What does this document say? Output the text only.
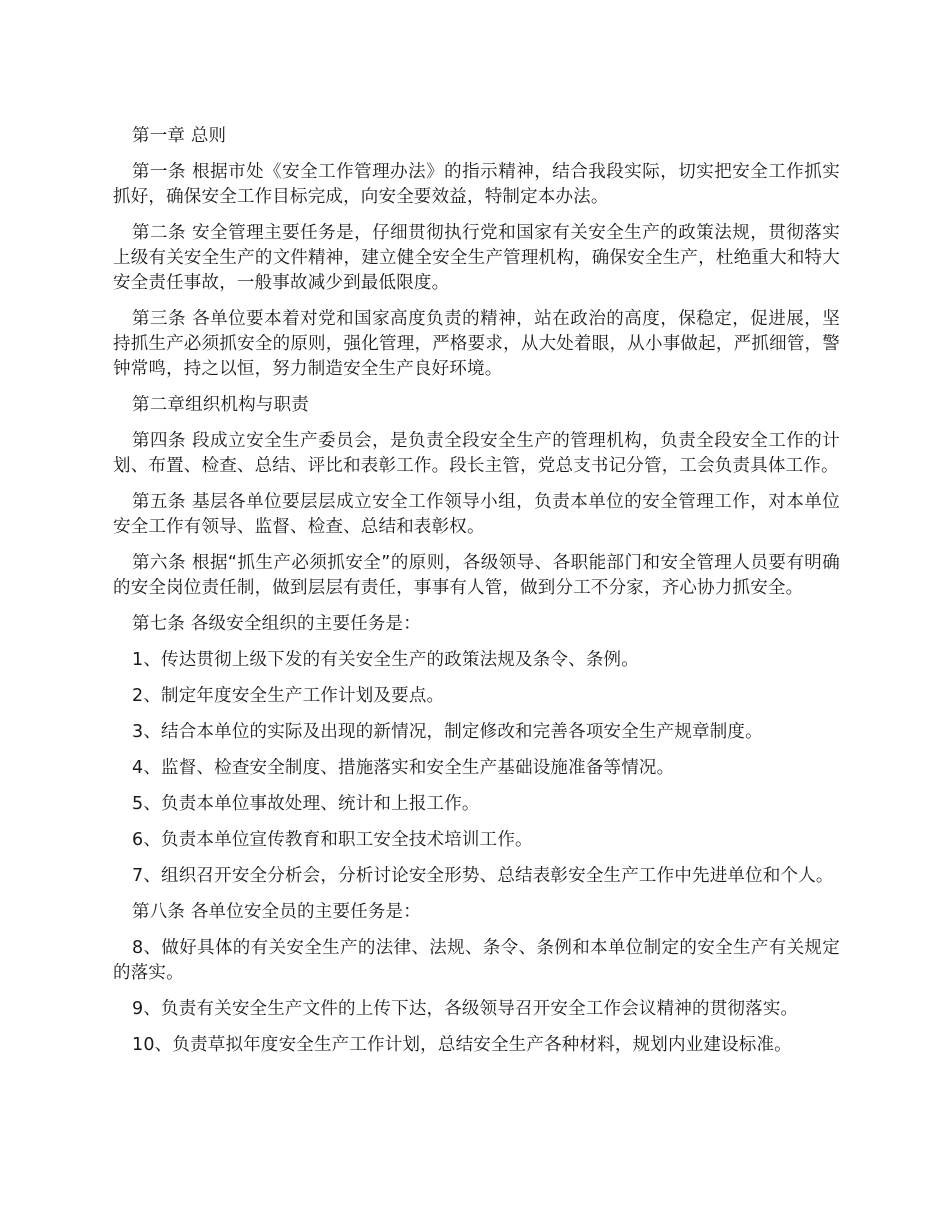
第一章 总则

第一条 根据市处《安全工作管理办法》的指示精神，结合我段实际，切实把安全工作抓实抓好，确保安全工作目标完成，向安全要效益，特制定本办法。

第二条 安全管理主要任务是，仔细贯彻执行党和国家有关安全生产的政策法规，贯彻落实上级有关安全生产的文件精神，建立健全安全生产管理机构，确保安全生产，杜绝重大和特大安全责任事故，一般事故减少到最低限度。

第三条 各单位要本着对党和国家高度负责的精神，站在政治的高度，保稳定，促进展，坚持抓生产必须抓安全的原则，强化管理，严格要求，从大处着眼，从小事做起，严抓细管，警钟常鸣，持之以恒，努力制造安全生产良好环境。

第二章组织机构与职责

第四条 段成立安全生产委员会，是负责全段安全生产的管理机构，负责全段安全工作的计划、布置、检查、总结、评比和表彰工作。段长主管，党总支书记分管，工会负责具体工作。

第五条 基层各单位要层层成立安全工作领导小组，负责本单位的安全管理工作，对本单位安全工作有领导、监督、检查、总结和表彰权。

第六条 根据“抓生产必须抓安全”的原则，各级领导、各职能部门和安全管理人员要有明确的安全岗位责任制，做到层层有责任，事事有人管，做到分工不分家，齐心协力抓安全。

第七条 各级安全组织的主要任务是：

1、传达贯彻上级下发的有关安全生产的政策法规及条令、条例。

2、制定年度安全生产工作计划及要点。

3、结合本单位的实际及出现的新情况，制定修改和完善各项安全生产规章制度。

4、监督、检查安全制度、措施落实和安全生产基础设施准备等情况。

5、负责本单位事故处理、统计和上报工作。

6、负责本单位宣传教育和职工安全技术培训工作。

7、组织召开安全分析会，分析讨论安全形势、总结表彰安全生产工作中先进单位和个人。

第八条 各单位安全员的主要任务是：

8、做好具体的有关安全生产的法律、法规、条令、条例和本单位制定的安全生产有关规定的落实。

9、负责有关安全生产文件的上传下达，各级领导召开安全工作会议精神的贯彻落实。

10、负责草拟年度安全生产工作计划，总结安全生产各种材料，规划内业建设标准。
